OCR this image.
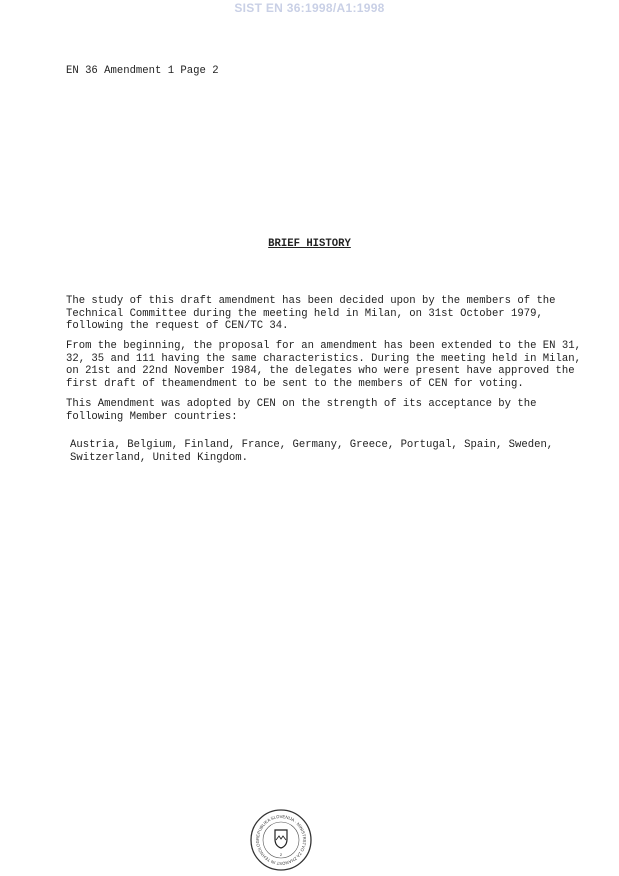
SIST EN 36:1998/A1:1998
EN 36 Amendment 1 Page 2
BRIEF HISTORY
The study of this draft amendment has been decided upon by the members of the
Technical Committee during the meeting held in Milan, on 31st October 1979,
following the request of CEN/TC 34.
From the beginning, the proposal for an amendment has been extended to the EN 31,
32, 35 and 111 having the same characteristics. During the meeting held in Milan,
on 21st and 22nd November 1984, the delegates who were present have approved the
first draft of theamendment to be sent to the members of CEN for voting.
This Amendment was adopted by CEN on the strength of its acceptance by the
following Member countries:
Austria, Belgium, Finland, France, Germany, Greece, Portugal, Spain, Sweden,
Switzerland, United Kingdom.
REPUBLIKA SLOVENIJA · MINISTRSTVO ZA ZNANOST IN TEHNOLOG
2
